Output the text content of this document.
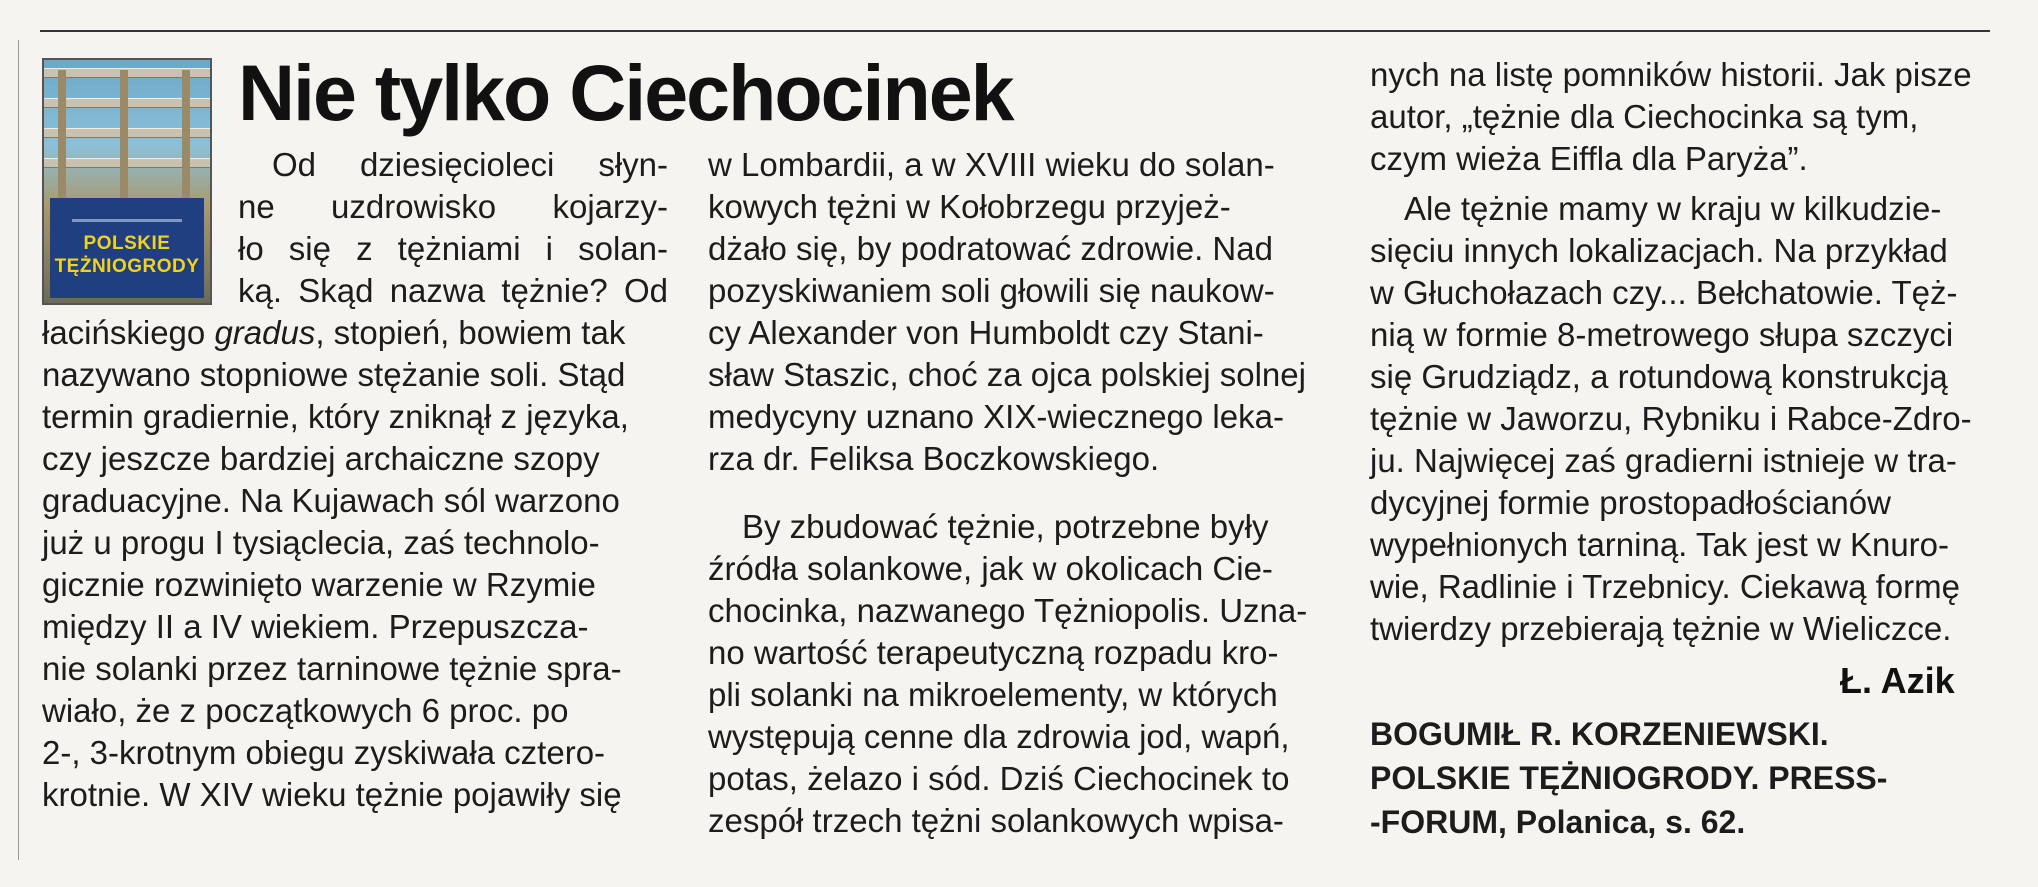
POLSKIE
TĘŻNIOGRODY
Nie tylko Ciechocinek
Od dziesięcioleci słyn-
ne uzdrowisko kojarzy-
ło się z tężniami i solan-
ką. Skąd nazwa tężnie? Od
łacińskiego gradus, stopień, bowiem tak
nazywano stopniowe stężanie soli. Stąd
termin gradiernie, który zniknął z języka,
czy jeszcze bardziej archaiczne szopy
graduacyjne. Na Kujawach sól warzono
już u progu I tysiąclecia, zaś technolo-
gicznie rozwinięto warzenie w Rzymie
między II a IV wiekiem. Przepuszcza-
nie solanki przez tarninowe tężnie spra-
wiało, że z początkowych 6 proc. po
2-, 3-krotnym obiegu zyskiwała cztero-
krotnie. W XIV wieku tężnie pojawiły się
w Lombardii, a w XVIII wieku do solan-
kowych tężni w Kołobrzegu przyjeż-
dżało się, by podratować zdrowie. Nad
pozyskiwaniem soli głowili się naukow-
cy Alexander von Humboldt czy Stani-
sław Staszic, choć za ojca polskiej solnej
medycyny uznano XIX-wiecznego leka-
rza dr. Feliksa Boczkowskiego.
By zbudować tężnie, potrzebne były
źródła solankowe, jak w okolicach Cie-
chocinka, nazwanego Tężniopolis. Uzna-
no wartość terapeutyczną rozpadu kro-
pli solanki na mikroelementy, w których
występują cenne dla zdrowia jod, wapń,
potas, żelazo i sód. Dziś Ciechocinek to
zespół trzech tężni solankowych wpisa-
nych na listę pomników historii. Jak pisze
autor, „tężnie dla Ciechocinka są tym,
czym wieża Eiffla dla Paryża”.
Ale tężnie mamy w kraju w kilkudzie-
sięciu innych lokalizacjach. Na przykład
w Głuchołazach czy... Bełchatowie. Tęż-
nią w formie 8-metrowego słupa szczyci
się Grudziądz, a rotundową konstrukcją
tężnie w Jaworzu, Rybniku i Rabce-Zdro-
ju. Najwięcej zaś gradierni istnieje w tra-
dycyjnej formie prostopadłościanów
wypełnionych tarniną. Tak jest w Knuro-
wie, Radlinie i Trzebnicy. Ciekawą formę
twierdzy przebierają tężnie w Wieliczce.
Ł. Azik
BOGUMIŁ R. KORZENIEWSKI.
POLSKIE TĘŻNIOGRODY. PRESS-
-FORUM, Polanica, s. 62.
